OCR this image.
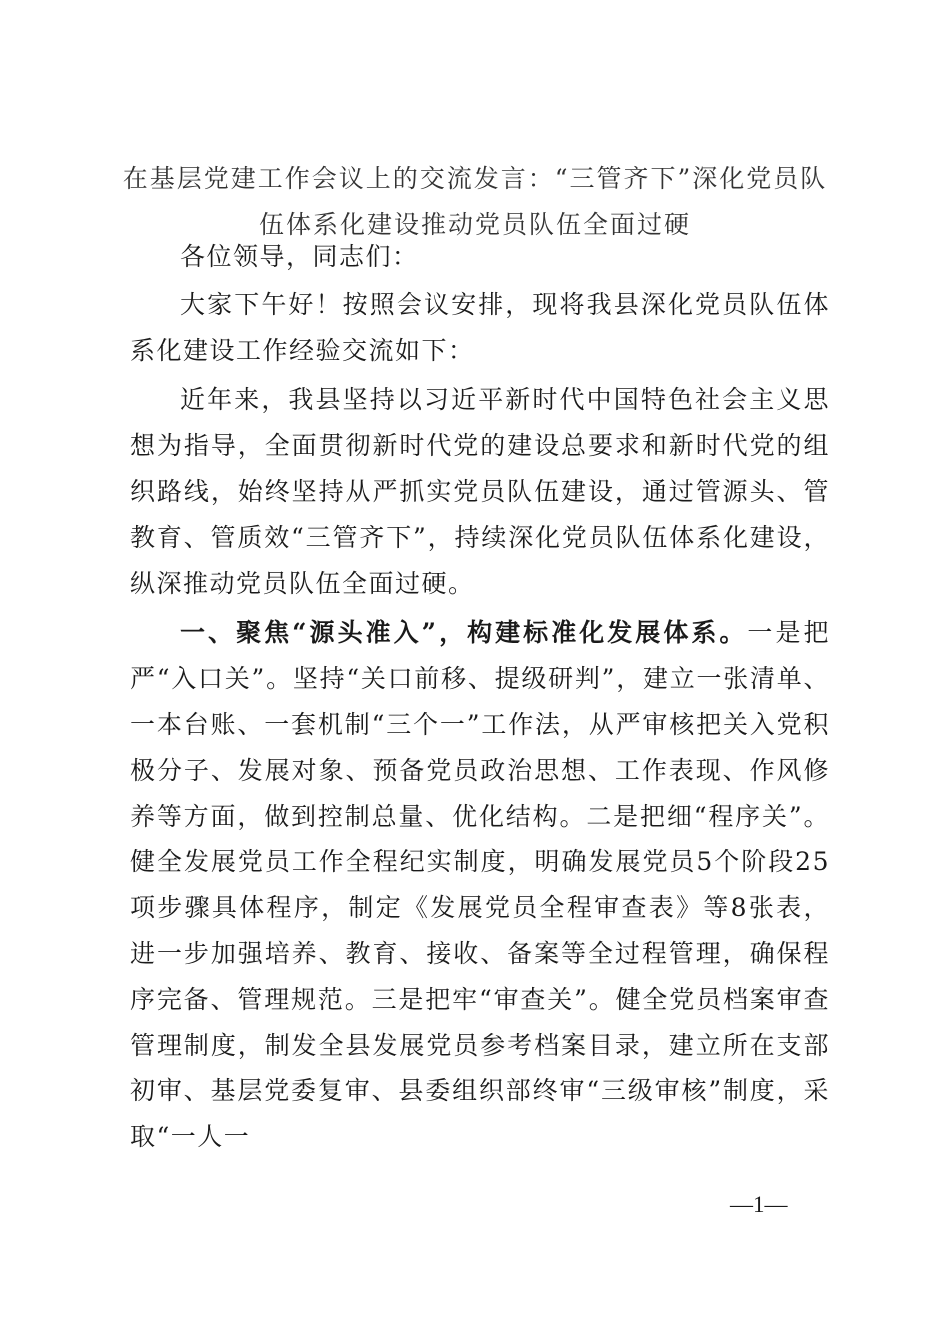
在基层党建工作会议上的交流发言：“三管齐下”深化党员队
伍体系化建设推动党员队伍全面过硬

各位领导，同志们：

大家下午好！按照会议安排，现将我县深化党员队伍体系化建设工作经验交流如下：

近年来，我县坚持以习近平新时代中国特色社会主义思想为指导，全面贯彻新时代党的建设总要求和新时代党的组织路线，始终坚持从严抓实党员队伍建设，通过管源头、管教育、管质效“三管齐下”，持续深化党员队伍体系化建设，纵深推动党员队伍全面过硬。

一、聚焦“源头准入”，构建标准化发展体系。一是把严“入口关”。坚持“关口前移、提级研判”，建立一张清单、一本台账、一套机制“三个一”工作法，从严审核把关入党积极分子、发展对象、预备党员政治思想、工作表现、作风修养等方面，做到控制总量、优化结构。二是把细“程序关”。健全发展党员工作全程纪实制度，明确发展党员5个阶段25项步骤具体程序，制定《发展党员全程审查表》等8张表，进一步加强培养、教育、接收、备案等全过程管理，确保程序完备、管理规范。三是把牢“审查关”。健全党员档案审查管理制度，制发全县发展党员参考档案目录，建立所在支部初审、基层党委复审、县委组织部终审“三级审核”制度，采取“一人一

—1—
